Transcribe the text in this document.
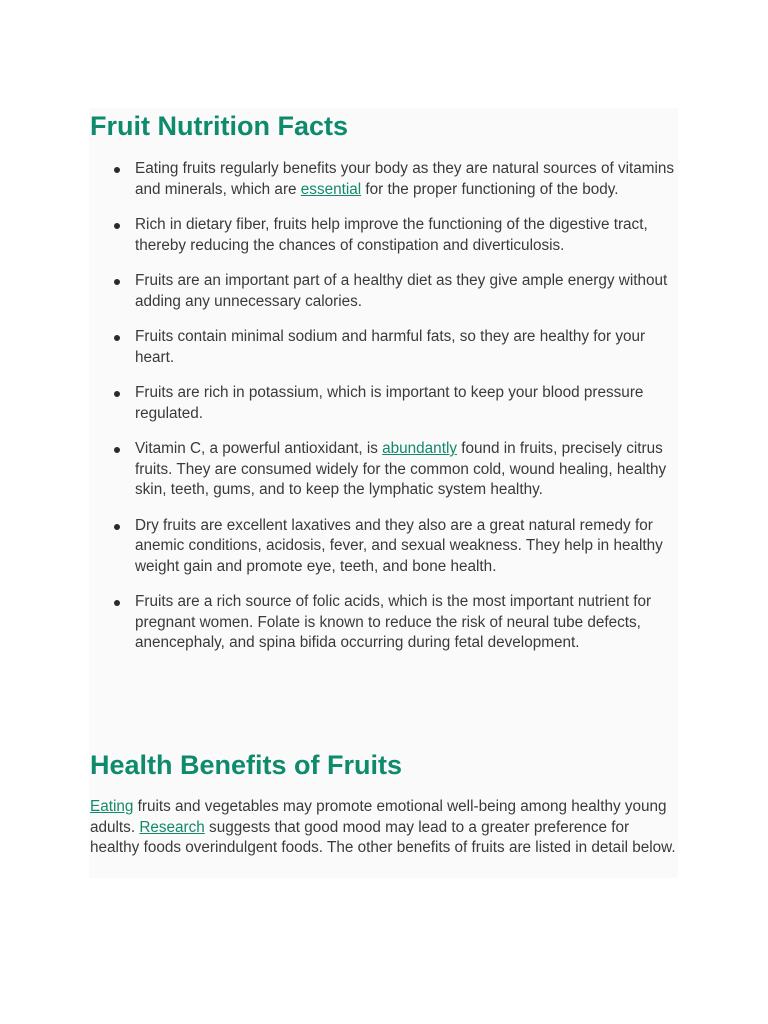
Fruit Nutrition Facts
Eating fruits regularly benefits your body as they are natural sources of vitamins and minerals, which are essential for the proper functioning of the body.
Rich in dietary fiber, fruits help improve the functioning of the digestive tract, thereby reducing the chances of constipation and diverticulosis.
Fruits are an important part of a healthy diet as they give ample energy without adding any unnecessary calories.
Fruits contain minimal sodium and harmful fats, so they are healthy for your heart.
Fruits are rich in potassium, which is important to keep your blood pressure regulated.
Vitamin C, a powerful antioxidant, is abundantly found in fruits, precisely citrus fruits. They are consumed widely for the common cold, wound healing, healthy skin, teeth, gums, and to keep the lymphatic system healthy.
Dry fruits are excellent laxatives and they also are a great natural remedy for anemic conditions, acidosis, fever, and sexual weakness. They help in healthy weight gain and promote eye, teeth, and bone health.
Fruits are a rich source of folic acids, which is the most important nutrient for pregnant women. Folate is known to reduce the risk of neural tube defects, anencephaly, and spina bifida occurring during fetal development.
Health Benefits of Fruits

Eating fruits and vegetables may promote emotional well-being among healthy young adults. Research suggests that good mood may lead to a greater preference for healthy foods overindulgent foods. The other benefits of fruits are listed in detail below.
